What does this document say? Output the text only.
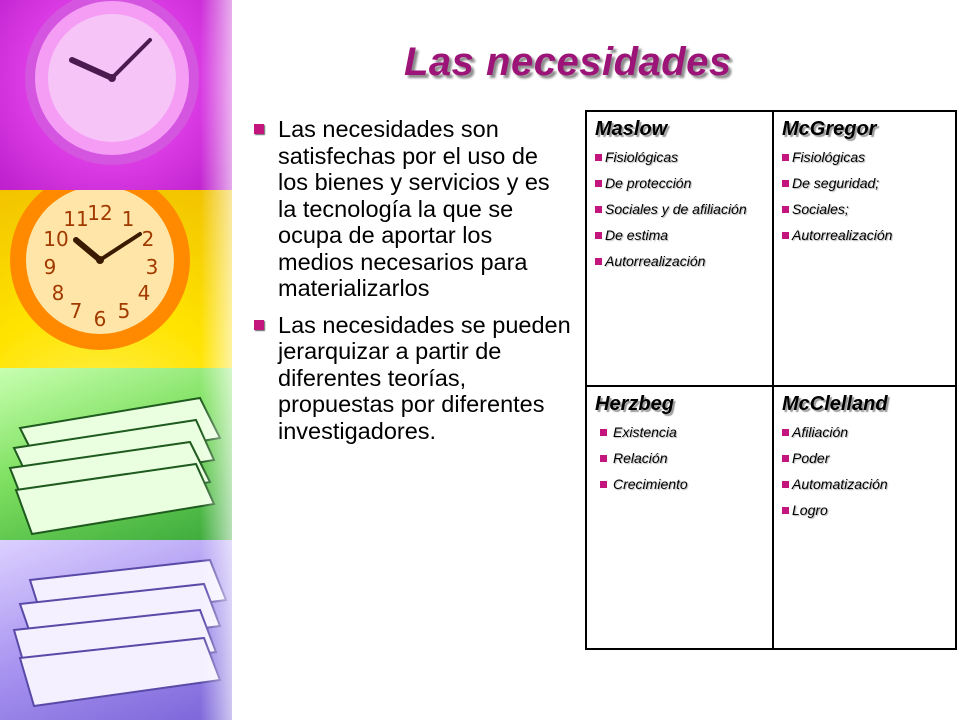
12 1
2
3
4
5
6
7
8
9
10
11
Las necesidades
Las necesidades son satisfechas por el uso de los bienes y servicios y es la tecnología la que se ocupa de aportar los medios necesarios para materializarlos
Las necesidades se pueden jerarquizar a partir de diferentes teorías, propuestas por diferentes investigadores.
Maslow
Fisiológicas
De protección
Sociales y de afiliación
De estima
Autorrealización
McGregor
Fisiológicas
De seguridad;
Sociales;
Autorrealización
Herzbeg
Existencia
Relación
Crecimiento
McClelland
Afiliación
Poder
Automatización
Logro
